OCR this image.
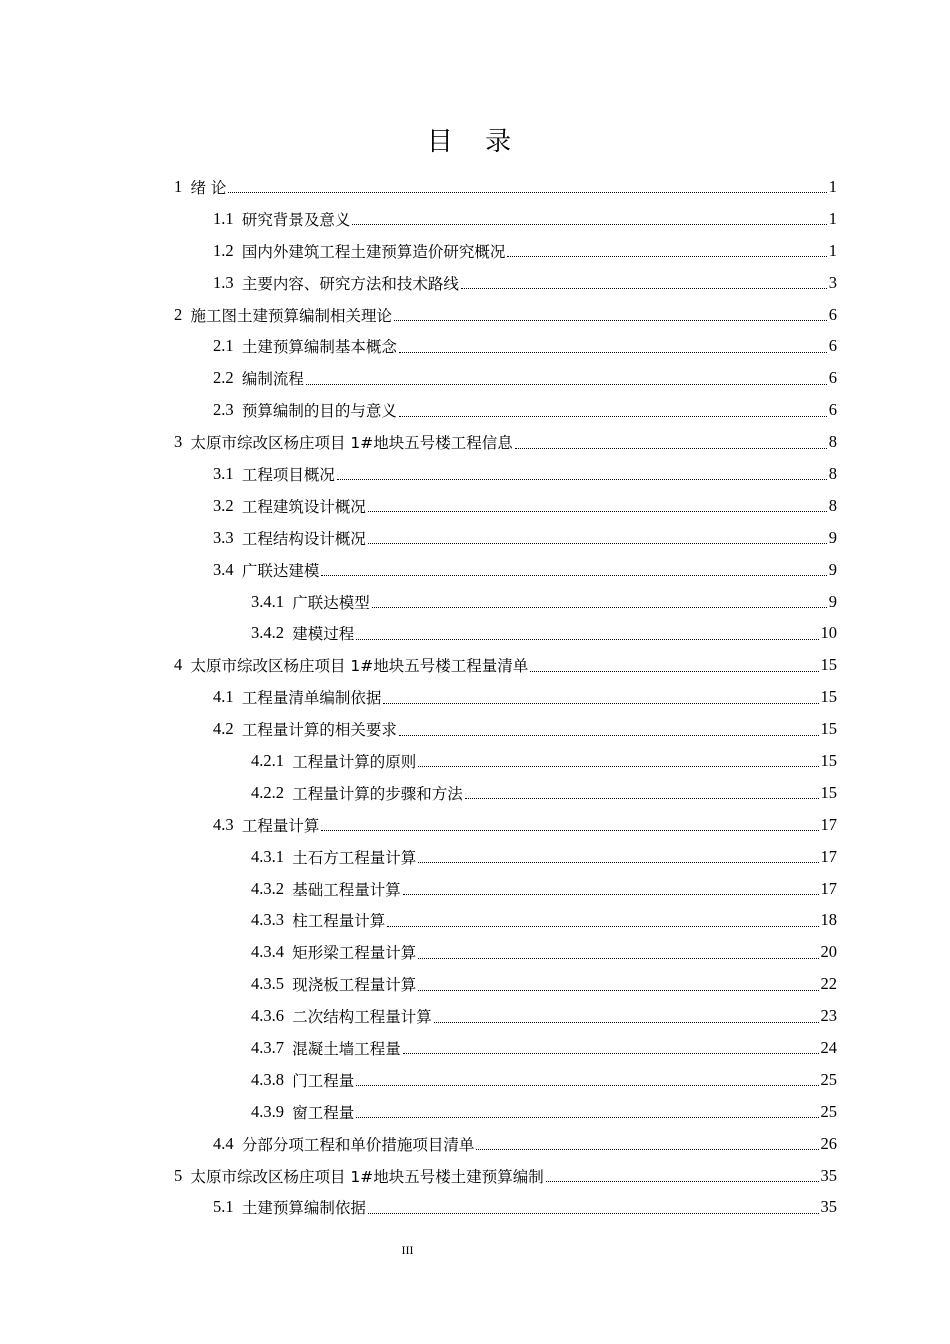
目 录
1 绪 论	1
1.1 研究背景及意义	1
1.2 国内外建筑工程土建预算造价研究概况	1
1.3 主要内容、研究方法和技术路线	3
2 施工图土建预算编制相关理论	6
2.1 土建预算编制基本概念	6
2.2 编制流程	6
2.3 预算编制的目的与意义	6
3 太原市综改区杨庄项目 1#地块五号楼工程信息	8
3.1 工程项目概况	8
3.2 工程建筑设计概况	8
3.3 工程结构设计概况	9
3.4 广联达建模	9
3.4.1 广联达模型	9
3.4.2 建模过程	10
4 太原市综改区杨庄项目 1#地块五号楼工程量清单	15
4.1 工程量清单编制依据	15
4.2 工程量计算的相关要求	15
4.2.1 工程量计算的原则	15
4.2.2 工程量计算的步骤和方法	15
4.3 工程量计算	17
4.3.1 土石方工程量计算	17
4.3.2 基础工程量计算	17
4.3.3 柱工程量计算	18
4.3.4 矩形梁工程量计算	20
4.3.5 现浇板工程量计算	22
4.3.6 二次结构工程量计算	23
4.3.7 混凝土墙工程量	24
4.3.8 门工程量	25
4.3.9 窗工程量	25
4.4 分部分项工程和单价措施项目清单	26
5 太原市综改区杨庄项目 1#地块五号楼土建预算编制	35
5.1 土建预算编制依据	35
III
